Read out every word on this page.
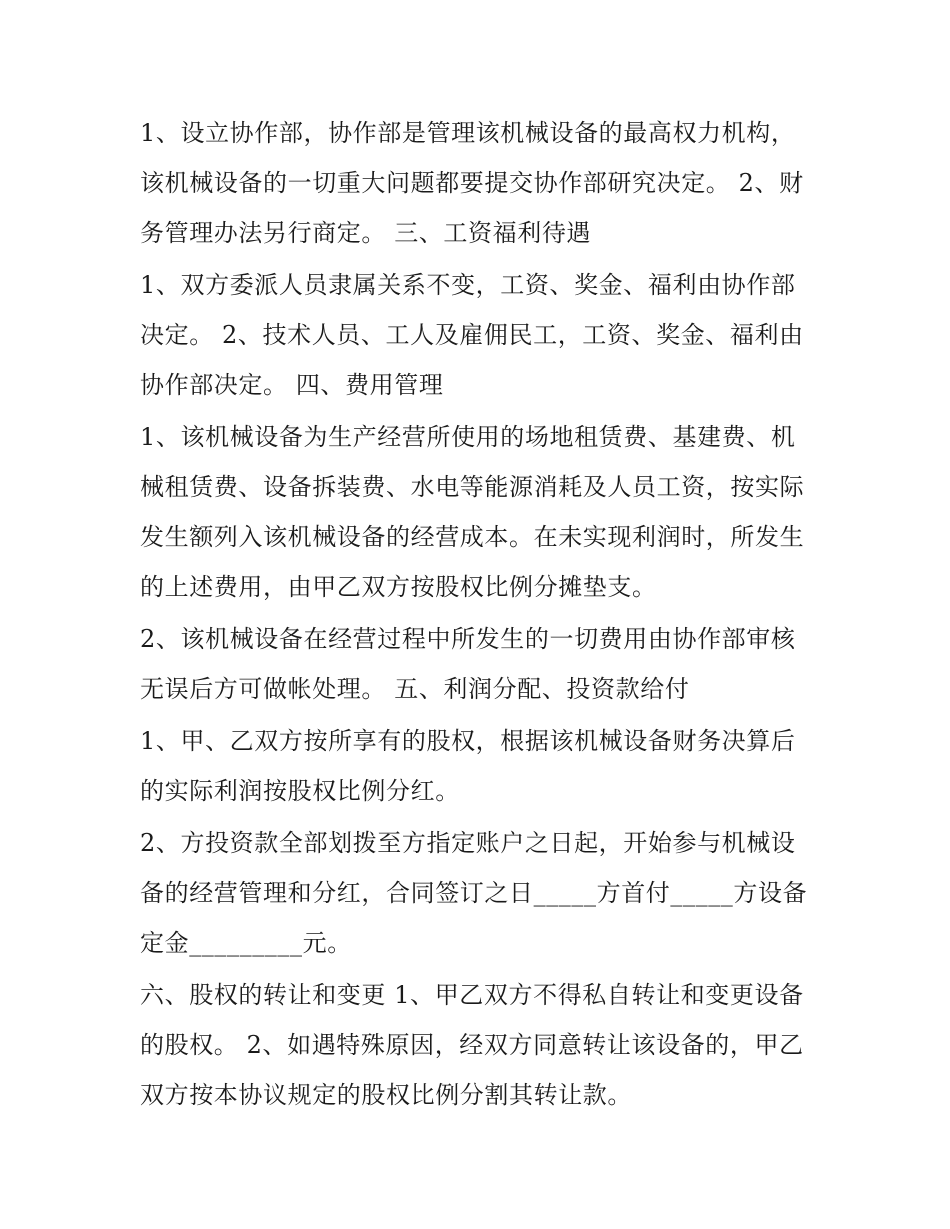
1、设立协作部，协作部是管理该机械设备的最高权力机构，该机械设备的一切重大问题都要提交协作部研究决定。 2、财务管理办法另行商定。 三、工资福利待遇

1、双方委派人员隶属关系不变，工资、奖金、福利由协作部决定。 2、技术人员、工人及雇佣民工，工资、奖金、福利由协作部决定。 四、费用管理

1、该机械设备为生产经营所使用的场地租赁费、基建费、机械租赁费、设备拆装费、水电等能源消耗及人员工资，按实际发生额列入该机械设备的经营成本。在未实现利润时，所发生的上述费用，由甲乙双方按股权比例分摊垫支。

2、该机械设备在经营过程中所发生的一切费用由协作部审核无误后方可做帐处理。 五、利润分配、投资款给付

1、甲、乙双方按所享有的股权，根据该机械设备财务决算后的实际利润按股权比例分红。

2、方投资款全部划拨至方指定账户之日起，开始参与机械设备的经营管理和分红，合同签订之日_____方首付_____方设备定金_________元。

六、股权的转让和变更 1、甲乙双方不得私自转让和变更设备的股权。 2、如遇特殊原因，经双方同意转让该设备的，甲乙双方按本协议规定的股权比例分割其转让款。
